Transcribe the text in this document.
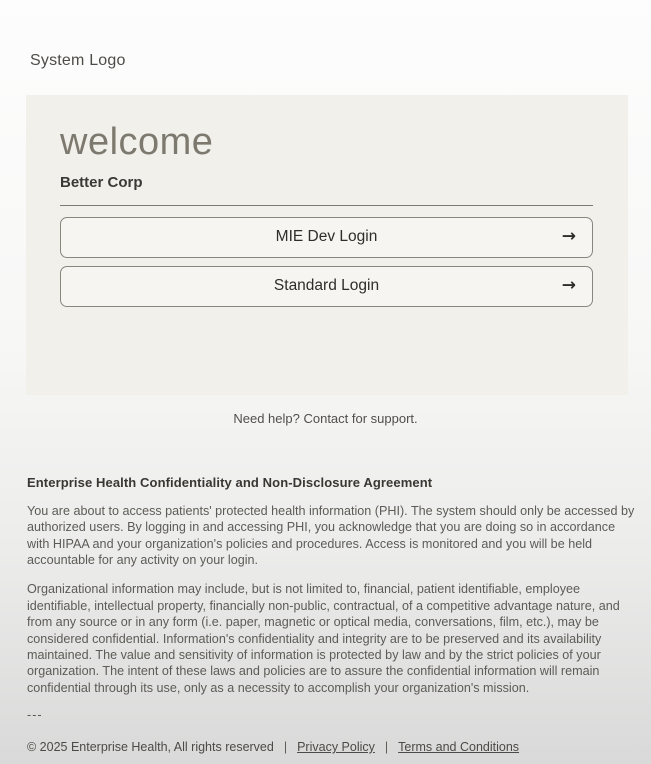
System Logo
welcome
Better Corp
MIE Dev Login	→
Standard Login	→
Need help? Contact for support.
Enterprise Health Confidentiality and Non-Disclosure Agreement

You are about to access patients' protected health information (PHI). The system should only be accessed by authorized users. By logging in and accessing PHI, you acknowledge that you are doing so in accordance with HIPAA and your organization's policies and procedures. Access is monitored and you will be held accountable for any activity on your login.

Organizational information may include, but is not limited to, financial, patient identifiable, employee identifiable, intellectual property, financially non-public, contractual, of a competitive advantage nature, and from any source or in any form (i.e. paper, magnetic or optical media, conversations, film, etc.), may be considered confidential. Information's confidentiality and integrity are to be preserved and its availability maintained. The value and sensitivity of information is protected by law and by the strict policies of your organization. The intent of these laws and policies are to assure the confidential information will remain confidential through its use, only as a necessity to accomplish your organization's mission.

---
© 2025 Enterprise Health, All rights reserved | Privacy Policy | Terms and Conditions
